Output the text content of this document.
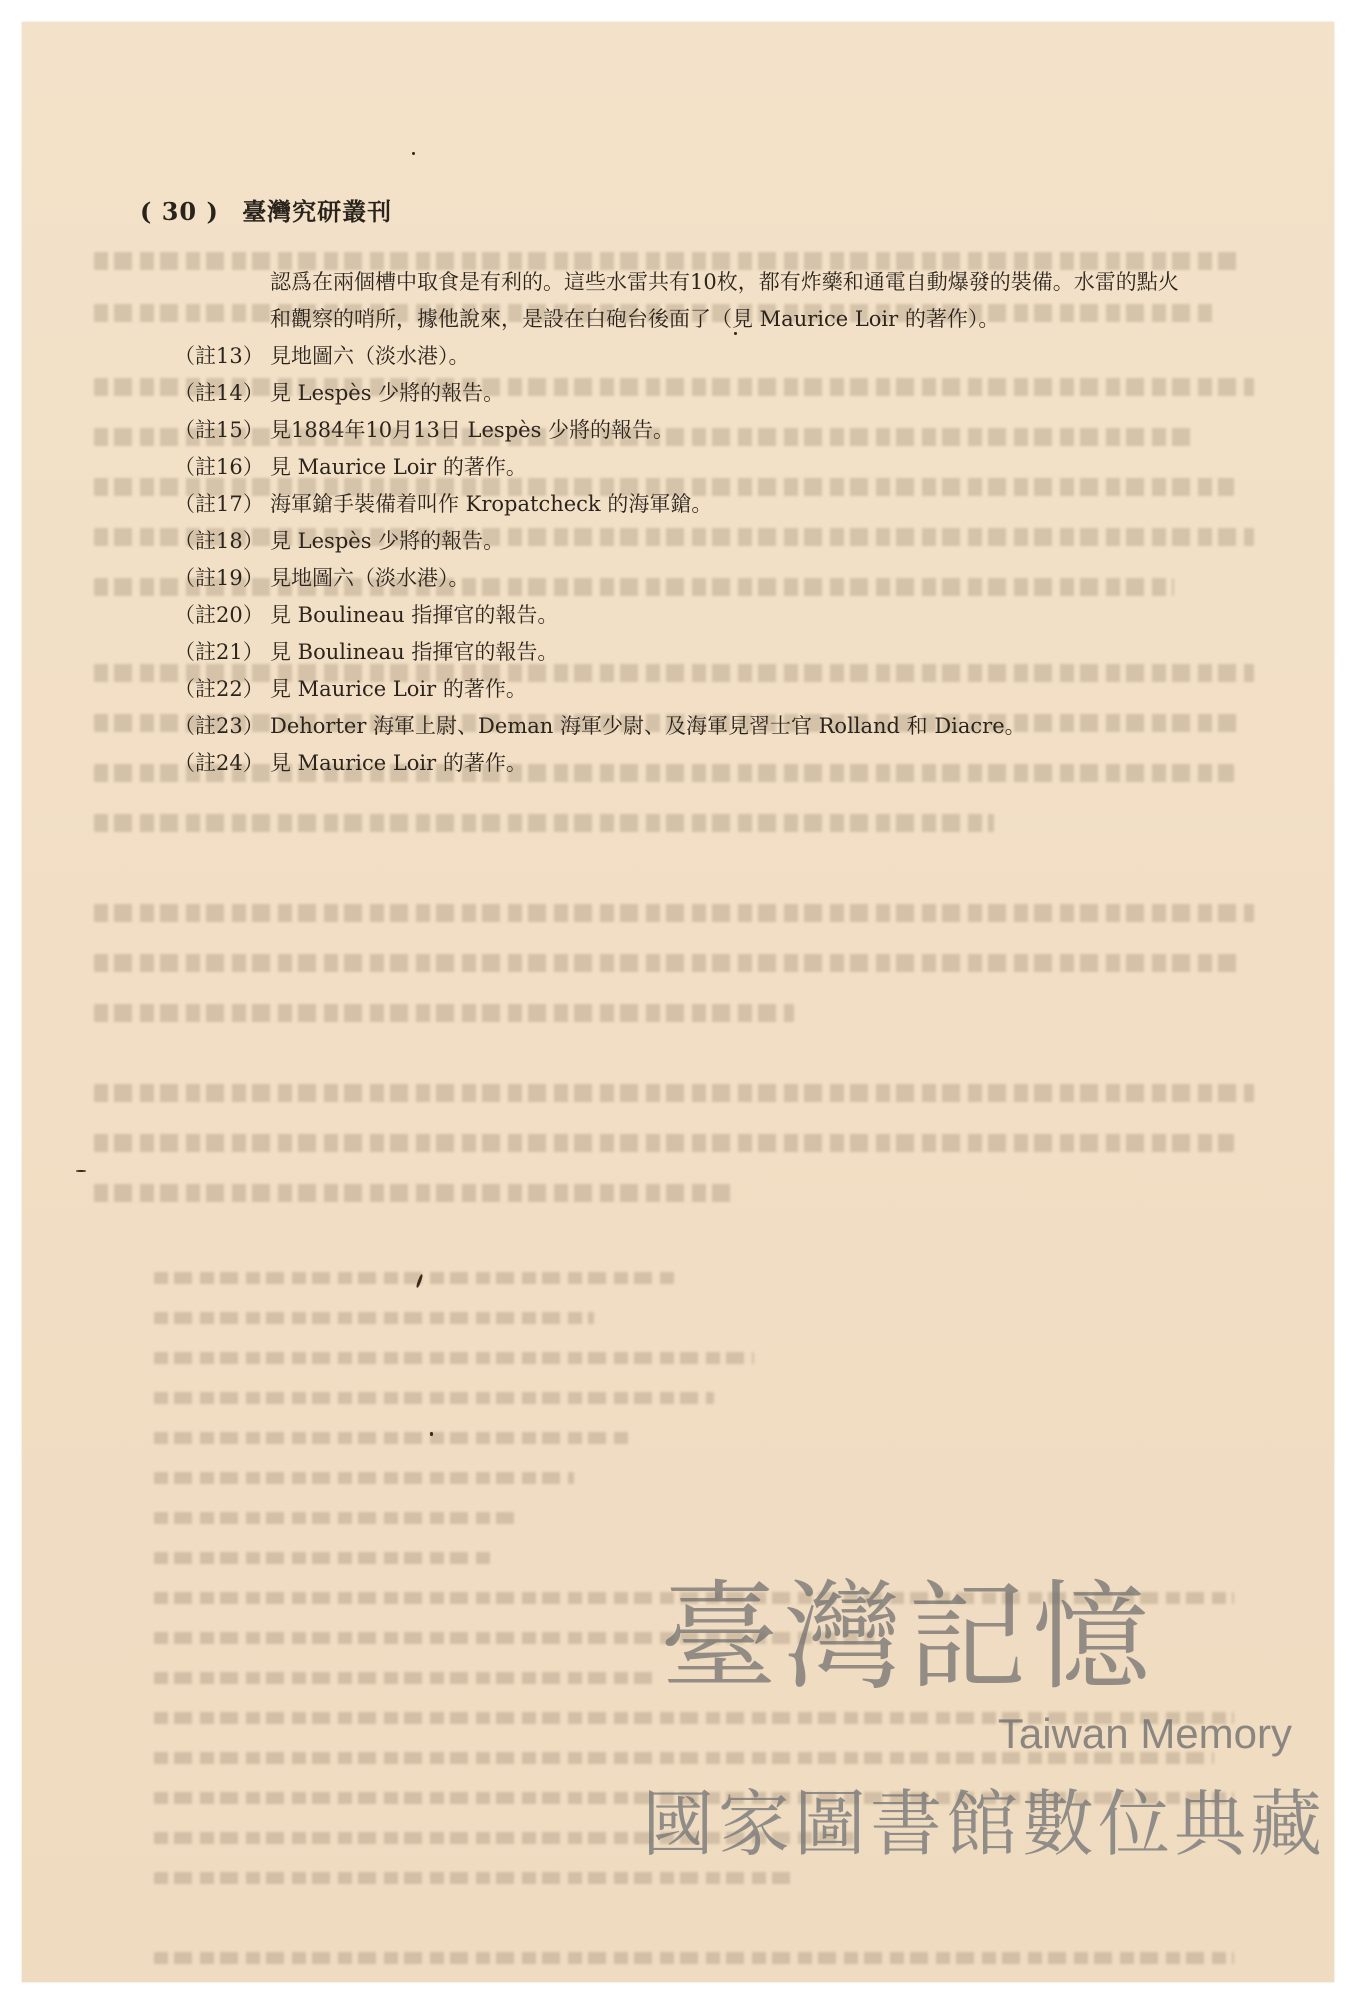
( 30 ) 臺灣究研叢刊
認爲在兩個槽中取食是有利的。這些水雷共有10枚，都有炸藥和通電自動爆發的裝備。水雷的點火
和觀察的哨所，據他說來，是設在白砲台後面了（見 Maurice Loir 的著作）。
（註13） 見地圖六（淡水港）。
（註14） 見 Lespès 少將的報告。
（註15） 見1884年10月13日 Lespès 少將的報告。
（註16） 見 Maurice Loir 的著作。
（註17） 海軍鎗手裝備着叫作 Kropatcheck 的海軍鎗。
（註18） 見 Lespès 少將的報告。
（註19） 見地圖六（淡水港）。
（註20） 見 Boulineau 指揮官的報告。
（註21） 見 Boulineau 指揮官的報告。
（註22） 見 Maurice Loir 的著作。
（註23） Dehorter 海軍上尉、Deman 海軍少尉、及海軍見習士官 Rolland 和 Diacre。
（註24） 見 Maurice Loir 的著作。
臺灣記憶
Taiwan Memory
國家圖書館數位典藏
